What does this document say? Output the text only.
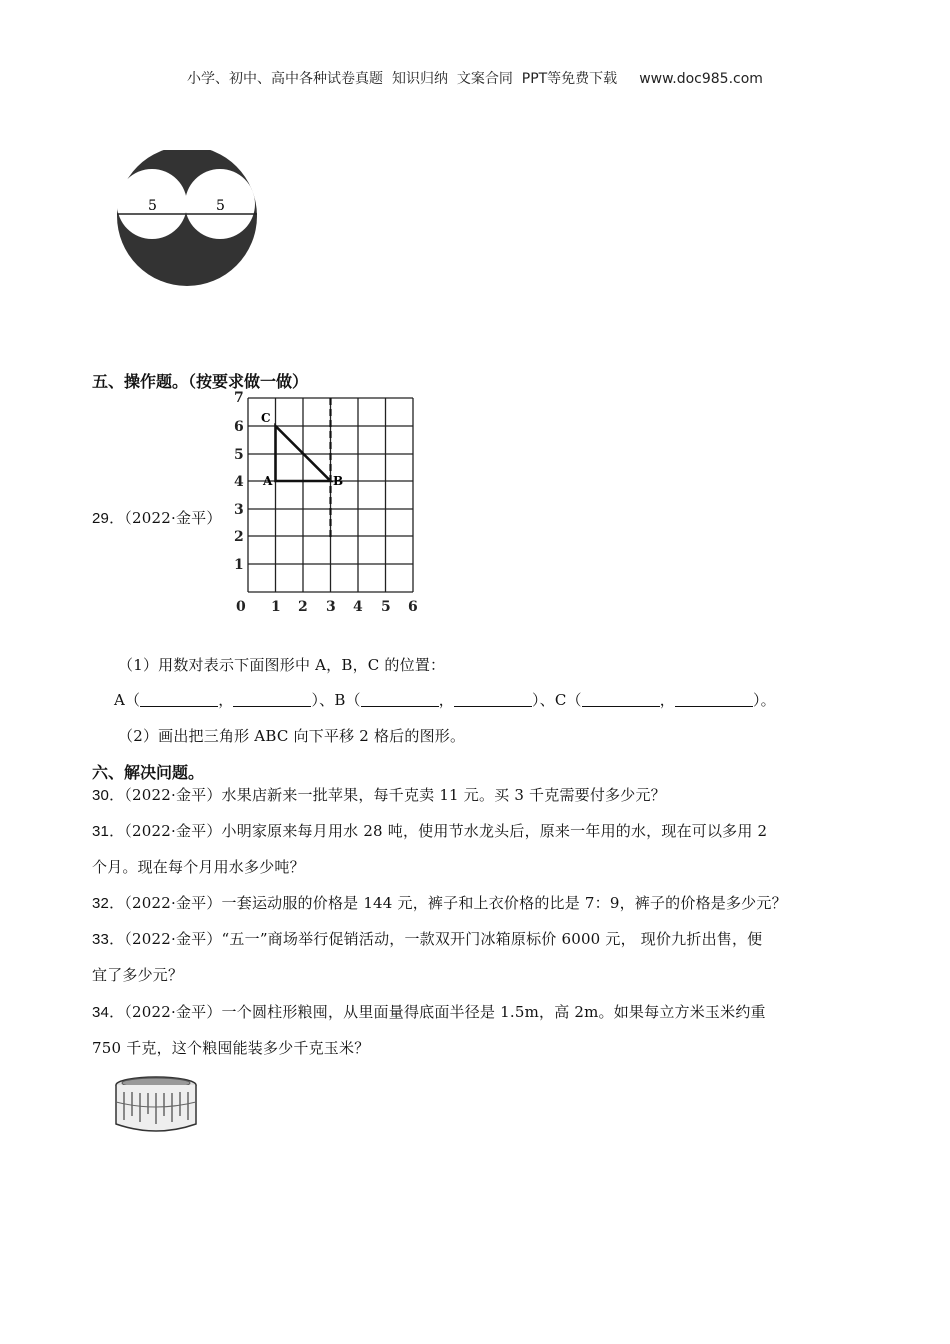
小学、初中、高中各种试卷真题  知识归纳  文案合同  PPT等免费下载 www.doc985.com
5	5
五、操作题。（按要求做一做）
29．（2022·金平）
C
A	B
7
6
5
4
3
2
1
0 1 2 3 4 5 6
（1）用数对表示下面图形中 A，B，C 的位置：
A（	，	）、B（	，	）、C（	，	）。
（2）画出把三角形 ABC 向下平移 2 格后的图形。
六、解决问题。
30．（2022·金平）水果店新来一批苹果，每千克卖 11 元。买 3 千克需要付多少元？
31．（2022·金平）小明家原来每月用水 28 吨，使用节水龙头后，原来一年用的水，现在可以多用 2
个月。现在每个月用水多少吨？
32．（2022·金平）一套运动服的价格是 144 元，裤子和上衣价格的比是 7：9，裤子的价格是多少元？
33．（2022·金平）“五一”商场举行促销活动，一款双开门冰箱原标价 6000 元， 现价九折出售，便
宜了多少元？
34．（2022·金平）一个圆柱形粮囤，从里面量得底面半径是 1.5m，高 2m。如果每立方米玉米约重
750 千克，这个粮囤能装多少千克玉米？
